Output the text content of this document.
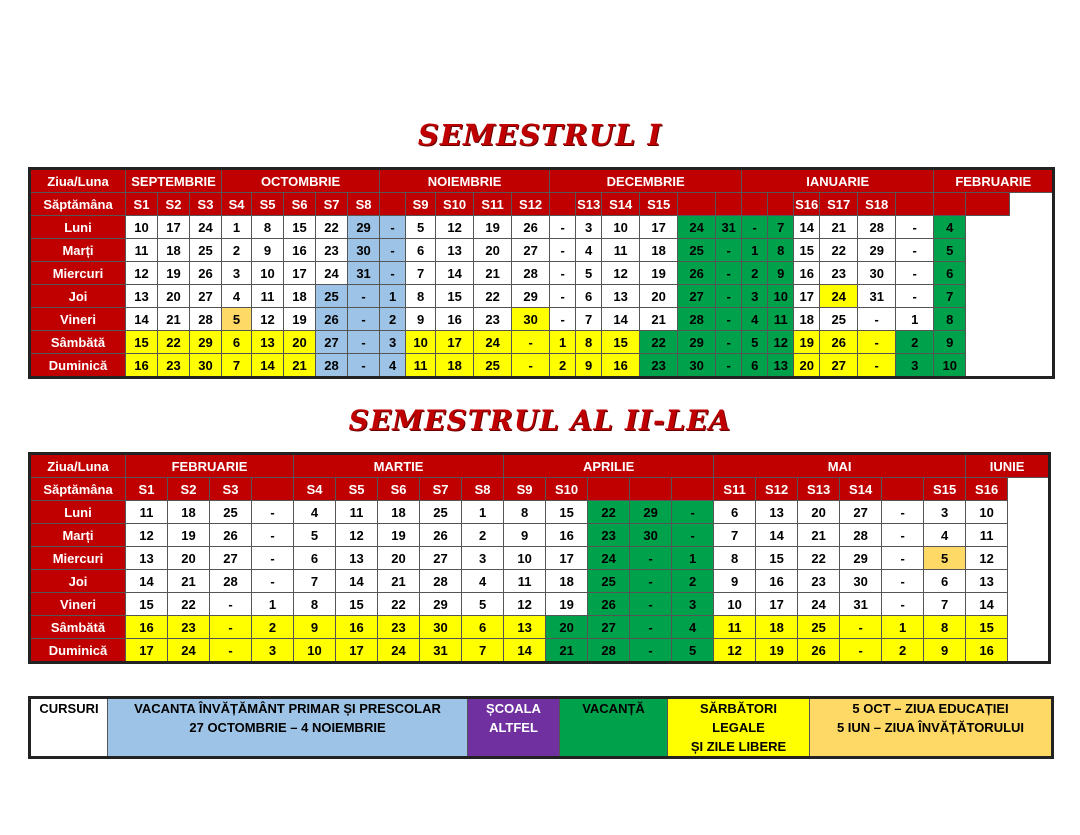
SEMESTRUL I
Ziua/Luna	SEPTEMBRIE			OCTOMBRIE					NOIEMBRIE					DECEMBRIE						IANUARIE						FEBRUARIE	
Săptămâna	S1	S2	S3	S4	S5	S6	S7	S8		S9	S10	S11	S12		S13	S14	S15					S16	S17	S18			
Luni	10	17	24	1	8	15	22	29	-	5	12	19	26	-	3	10	17	24	31	-	7	14	21	28	-	4	
Marți	11	18	25	2	9	16	23	30	-	6	13	20	27	-	4	11	18	25	-	1	8	15	22	29	-	5	
Miercuri	12	19	26	3	10	17	24	31	-	7	14	21	28	-	5	12	19	26	-	2	9	16	23	30	-	6	
Joi	13	20	27	4	11	18	25	-	1	8	15	22	29	-	6	13	20	27	-	3	10	17	24	31	-	7	
Vineri	14	21	28	5	12	19	26	-	2	9	16	23	30	-	7	14	21	28	-	4	11	18	25	-	1	8	
Sâmbătă	15	22	29	6	13	20	27	-	3	10	17	24	-	1	8	15	22	29	-	5	12	19	26	-	2	9	
Duminică	16	23	30	7	14	21	28	-	4	11	18	25	-	2	9	16	23	30	-	6	13	20	27	-	3	10	
SEMESTRUL AL II-LEA
Ziua/Luna	FEBRUARIE				MARTIE					APRILIE					MAI						IUNIE
Săptămâna	S1	S2	S3		S4	S5	S6	S7	S8	S9	S10				S11	S12	S13	S14		S15	S16
Luni	11	18	25	-	4	11	18	25	1	8	15	22	29	-	6	13	20	27	-	3	10
Marți	12	19	26	-	5	12	19	26	2	9	16	23	30	-	7	14	21	28	-	4	11
Miercuri	13	20	27	-	6	13	20	27	3	10	17	24	-	1	8	15	22	29	-	5	12
Joi	14	21	28	-	7	14	21	28	4	11	18	25	-	2	9	16	23	30	-	6	13
Vineri	15	22	-	1	8	15	22	29	5	12	19	26	-	3	10	17	24	31	-	7	14
Sâmbătă	16	23	-	2	9	16	23	30	6	13	20	27	-	4	11	18	25	-	1	8	15
Duminică	17	24	-	3	10	17	24	31	7	14	21	28	-	5	12	19	26	-	2	9	16
CURSURI	VACANTA ÎNVĂȚĂMÂNT PRIMAR ȘI PRESCOLAR
27 OCTOMBRIE – 4 NOIEMBRIE	ȘCOALA
ALTFEL	VACANȚĂ	SĂRBĂTORI LEGALE
ȘI ZILE LIBERE	5 OCT – ZIUA EDUCAȚIEI
5 IUN – ZIUA ÎNVĂȚĂTORULUI
